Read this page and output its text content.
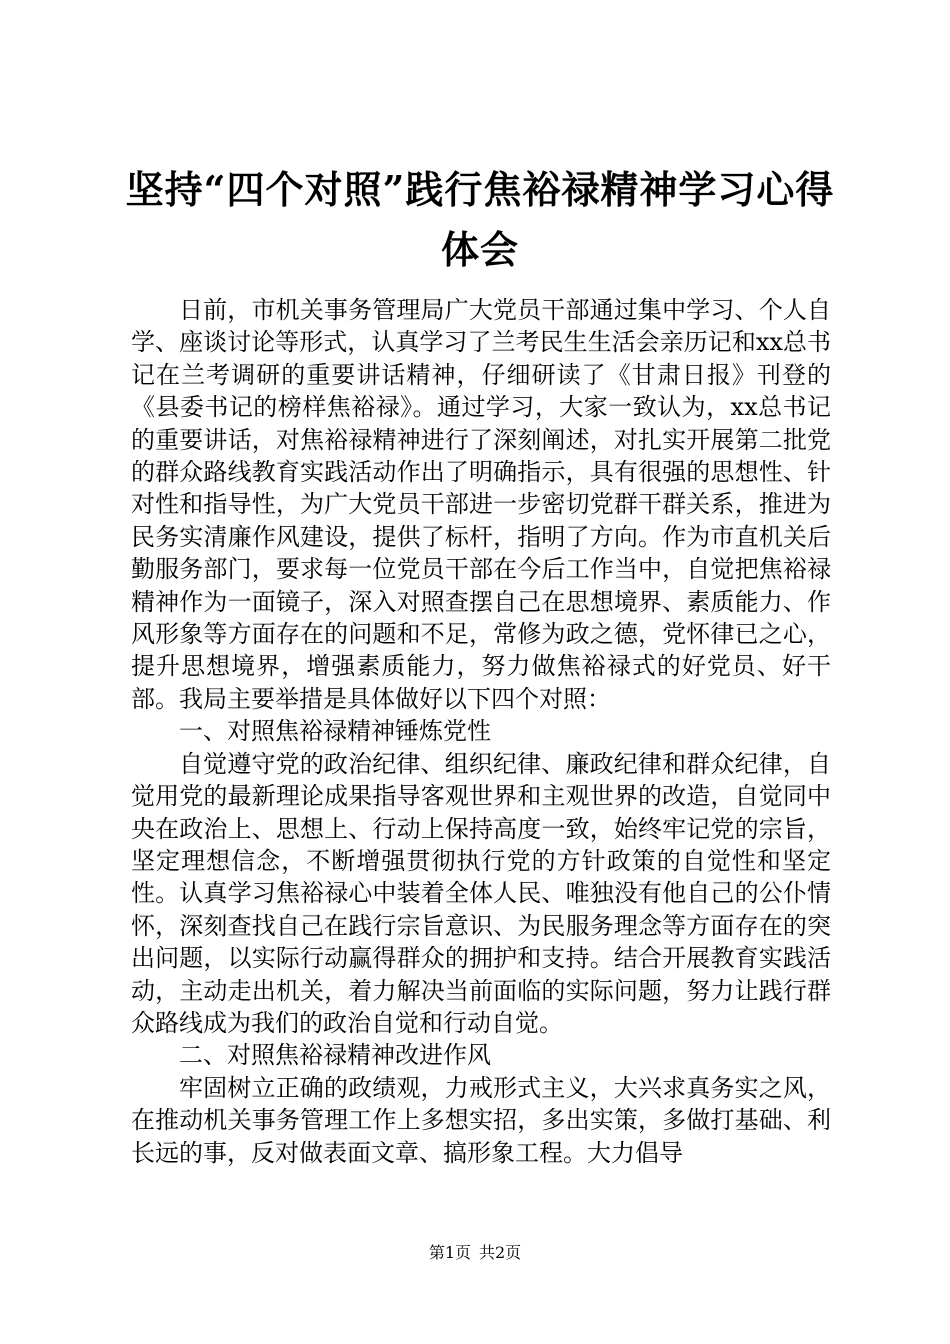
坚持“四个对照”践行焦裕禄精神学习心得体会

日前，市机关事务管理局广大党员干部通过集中学习、个人自学、座谈讨论等形式，认真学习了兰考民生生活会亲历记和xx总书记在兰考调研的重要讲话精神，仔细研读了《甘肃日报》刊登的《县委书记的榜样焦裕禄》。通过学习，大家一致认为，xx总书记的重要讲话，对焦裕禄精神进行了深刻阐述，对扎实开展第二批党的群众路线教育实践活动作出了明确指示，具有很强的思想性、针对性和指导性，为广大党员干部进一步密切党群干群关系，推进为民务实清廉作风建设，提供了标杆，指明了方向。作为市直机关后勤服务部门，要求每一位党员干部在今后工作当中，自觉把焦裕禄精神作为一面镜子，深入对照查摆自己在思想境界、素质能力、作风形象等方面存在的问题和不足，常修为政之德，党怀律已之心，提升思想境界，增强素质能力，努力做焦裕禄式的好党员、好干部。我局主要举措是具体做好以下四个对照：

一、对照焦裕禄精神锤炼党性

自觉遵守党的政治纪律、组织纪律、廉政纪律和群众纪律，自觉用党的最新理论成果指导客观世界和主观世界的改造，自觉同中央在政治上、思想上、行动上保持高度一致，始终牢记党的宗旨，坚定理想信念，不断增强贯彻执行党的方针政策的自觉性和坚定性。认真学习焦裕禄心中装着全体人民、唯独没有他自己的公仆情怀，深刻查找自己在践行宗旨意识、为民服务理念等方面存在的突出问题，以实际行动赢得群众的拥护和支持。结合开展教育实践活动，主动走出机关，着力解决当前面临的实际问题，努力让践行群众路线成为我们的政治自觉和行动自觉。

二、对照焦裕禄精神改进作风

牢固树立正确的政绩观，力戒形式主义，大兴求真务实之风，在推动机关事务管理工作上多想实招，多出实策，多做打基础、利长远的事，反对做表面文章、搞形象工程。大力倡导

第1页 共2页
